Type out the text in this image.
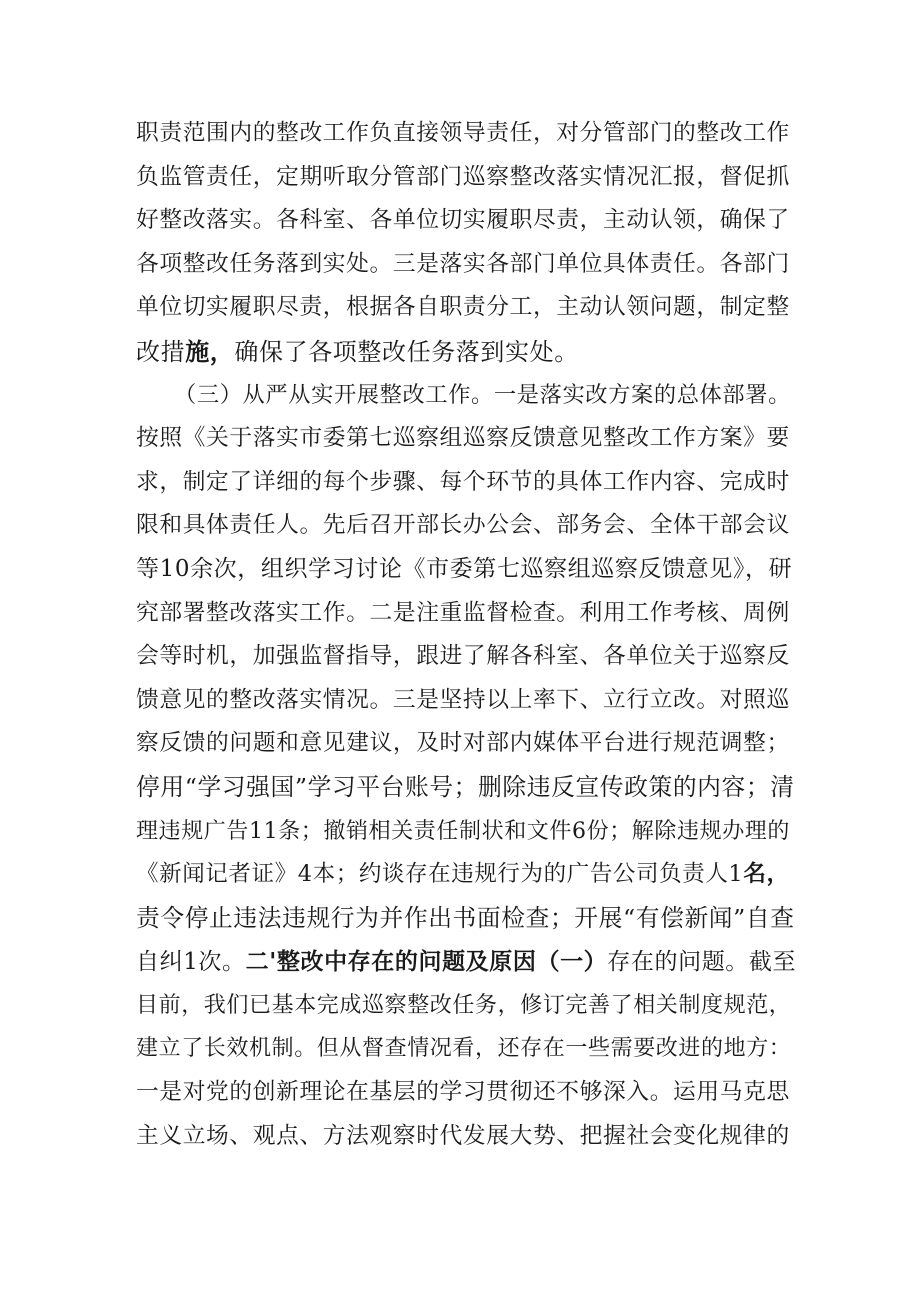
职责范围内的整改工作负直接领导责任，对分管部门的整改工作
负监管责任，定期听取分管部门巡察整改落实情况汇报，督促抓
好整改落实。各科室、各单位切实履职尽责，主动认领，确保了
各项整改任务落到实处。三是落实各部门单位具体责任。各部门
单位切实履职尽责，根据各自职责分工，主动认领问题，制定整
改措施，确保了各项整改任务落到实处。
（三）从严从实开展整改工作。一是落实改方案的总体部署。
按照《关于落实市委第七巡察组巡察反馈意见整改工作方案》要
求，制定了详细的每个步骤、每个环节的具体工作内容、完成时
限和具体责任人。先后召开部长办公会、部务会、全体干部会议
等10余次，组织学习讨论《市委第七巡察组巡察反馈意见》，研
究部署整改落实工作。二是注重监督检查。利用工作考核、周例
会等时机，加强监督指导，跟进了解各科室、各单位关于巡察反
馈意见的整改落实情况。三是坚持以上率下、立行立改。对照巡
察反馈的问题和意见建议，及时对部内媒体平台进行规范调整；
停用“学习强国”学习平台账号；删除违反宣传政策的内容；清
理违规广告11条；撤销相关责任制状和文件6份；解除违规办理的
《新闻记者证》4本；约谈存在违规行为的广告公司负责人1名，
责令停止违法违规行为并作出书面检查；开展“有偿新闻”自查
自纠1次。二'整改中存在的问题及原因（一）存在的问题。截至
目前，我们已基本完成巡察整改任务，修订完善了相关制度规范，
建立了长效机制。但从督查情况看，还存在一些需要改进的地方：
一是对党的创新理论在基层的学习贯彻还不够深入。运用马克思
主义立场、观点、方法观察时代发展大势、把握社会变化规律的
